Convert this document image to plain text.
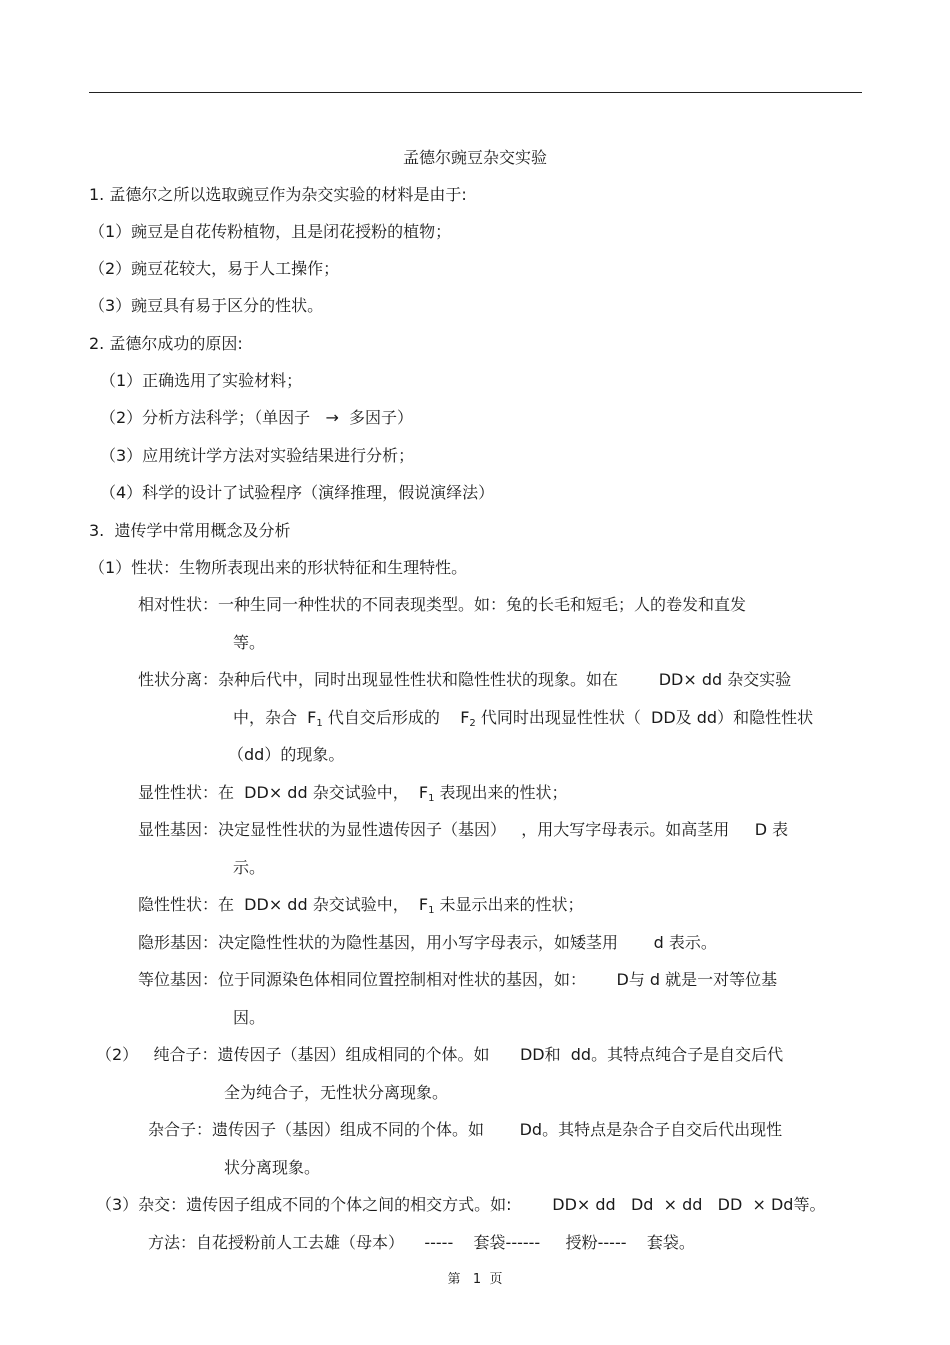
孟德尔豌豆杂交实验
1. 孟德尔之所以选取豌豆作为杂交实验的材料是由于:
（1）豌豆是自花传粉植物，且是闭花授粉的植物；
（2）豌豆花较大，易于人工操作；
（3）豌豆具有易于区分的性状。
2. 孟德尔成功的原因:
（1）正确选用了实验材料；
（2）分析方法科学；（单因子   →  多因子）
（3）应用统计学方法对实验结果进行分析；
（4）科学的设计了试验程序（演绎推理，假说演绎法）
3.  遗传学中常用概念及分析
（1）性状：生物所表现出来的形状特征和生理特性。
相对性状：一种生同一种性状的不同表现类型。如：兔的长毛和短毛；人的卷发和直发
等。
性状分离：杂种后代中，同时出现显性性状和隐性性状的现象。如在        DD× dd 杂交实验
中，杂合  $F_1$ 代自交后形成的    $F_2$ 代同时出现显性性状（  DD及 dd）和隐性性状
（dd）的现象。
显性性状：在  DD× dd 杂交试验中，  $F_1$ 表现出来的性状；
显性基因：决定显性性状的为显性遗传因子（基因）   ，用大写字母表示。如高茎用     D 表
示。
隐性性状：在  DD× dd 杂交试验中，  $F_1$ 未显示出来的性状；
隐形基因：决定隐性性状的为隐性基因，用小写字母表示，如矮茎用       d 表示。
等位基因：位于同源染色体相同位置控制相对性状的基因，如：      D与 d 就是一对等位基
因。
（2）   纯合子：遗传因子（基因）组成相同的个体。如      DD和  dd。其特点纯合子是自交后代
全为纯合子，无性状分离现象。
杂合子：遗传因子（基因）组成不同的个体。如       Dd。其特点是杂合子自交后代出现性
状分离现象。
（3）杂交：遗传因子组成不同的个体之间的相交方式。如:        DD× dd   Dd  × dd   DD  × Dd等。
方法：自花授粉前人工去雄（母本）    -----    套袋------     授粉-----    套袋。
第   1  页
